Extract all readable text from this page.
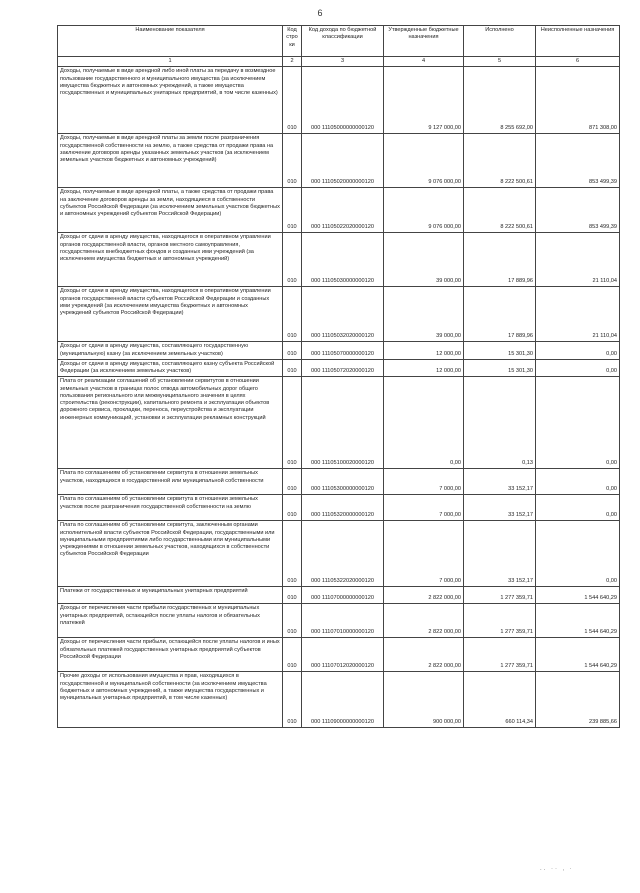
6
Наименование показателя	Код строки	Код дохода по бюджетной классификации	Утвержденные бюджетные назначения	Исполнено	Неисполненные назначения
1	2	3	4	5	6
Доходы, получаемые в виде арендной либо иной платы за передачу в возмездное пользование государственного и муниципального имущества (за исключением имущества бюджетных и автономных учреждений, а также имущества государственных и муниципальных унитарных предприятий, в том числе казенных)	010	000 11105000000000120	9 127 000,00	8 255 692,00	871 308,00
Доходы, получаемые в виде арендной платы за земли после разграничения государственной собственности на землю, а также средства от продажи права на заключение договоров аренды указанных земельных участков (за исключением земельных участков бюджетных и автономных учреждений)	010	000 11105020000000120	9 076 000,00	8 222 500,61	853 499,39
Доходы, получаемые в виде арендной платы, а также средства от продажи права на заключение договоров аренды за земли, находящиеся в собственности субъектов Российской Федерации (за исключением земельных участков бюджетных и автономных учреждений субъектов Российской Федерации)	010	000 11105022020000120	9 076 000,00	8 222 500,61	853 499,39
Доходы от сдачи в аренду имущества, находящегося в оперативном управлении органов государственной власти, органов местного самоуправления, государственных внебюджетных фондов и созданных ими учреждений (за исключением имущества бюджетных и автономных учреждений)	010	000 11105030000000120	39 000,00	17 889,96	21 110,04
Доходы от сдачи в аренду имущества, находящегося в оперативном управлении органов государственной власти субъектов Российской Федерации и созданных ими учреждений (за исключением имущества бюджетных и автономных учреждений субъектов Российской Федерации)	010	000 11105032020000120	39 000,00	17 889,96	21 110,04
Доходы от сдачи в аренду имущества, составляющего государственную (муниципальную) казну (за исключением земельных участков)	010	000 11105070000000120	12 000,00	15 301,30	0,00
Доходы от сдачи в аренду имущества, составляющего казну субъекта Российской Федерации (за исключением земельных участков)	010	000 11105072020000120	12 000,00	15 301,30	0,00
Плата от реализации соглашений об установлении сервитутов в отношении земельных участков в границах полос отвода автомобильных дорог общего пользования регионального или межмуниципального значения в целях строительства (реконструкции), капитального ремонта и эксплуатации объектов дорожного сервиса, прокладки, переноса, переустройства и эксплуатации инженерных коммуникаций, установки и эксплуатации рекламных конструкций	010	000 11105100020000120	0,00	0,13	0,00
Плата по соглашениям об установлении сервитута в отношении земельных участков, находящихся в государственной или муниципальной собственности	010	000 11105300000000120	7 000,00	33 152,17	0,00
Плата по соглашениям об установлении сервитута в отношении земельных участков после разграничения государственной собственности на землю	010	000 11105320000000120	7 000,00	33 152,17	0,00
Плата по соглашениям об установлении сервитута, заключенным органами исполнительной власти субъектов Российской Федерации, государственными или муниципальными предприятиями либо государственными или муниципальными учреждениями в отношении земельных участков, находящихся в собственности субъектов Российской Федерации	010	000 11105322020000120	7 000,00	33 152,17	0,00
Платежи от государственных и муниципальных унитарных предприятий	010	000 11107000000000120	2 822 000,00	1 277 359,71	1 544 640,29
Доходы от перечисления части прибыли государственных и муниципальных унитарных предприятий, остающейся после уплаты налогов и обязательных платежей	010	000 11107010000000120	2 822 000,00	1 277 359,71	1 544 640,29
Доходы от перечисления части прибыли, остающейся после уплаты налогов и иных обязательных платежей государственных унитарных предприятий субъектов Российской Федерации	010	000 11107012020000120	2 822 000,00	1 277 359,71	1 544 640,29
Прочие доходы от использования имущества и прав, находящихся в государственной и муниципальной собственности (за исключением имущества бюджетных и автономных учреждений, а также имущества государственных и муниципальных унитарных предприятий, в том числе казенных)	010	000 11109000000000120	900 000,00	660 114,34	239 885,66
.. ·· ‚ ·
